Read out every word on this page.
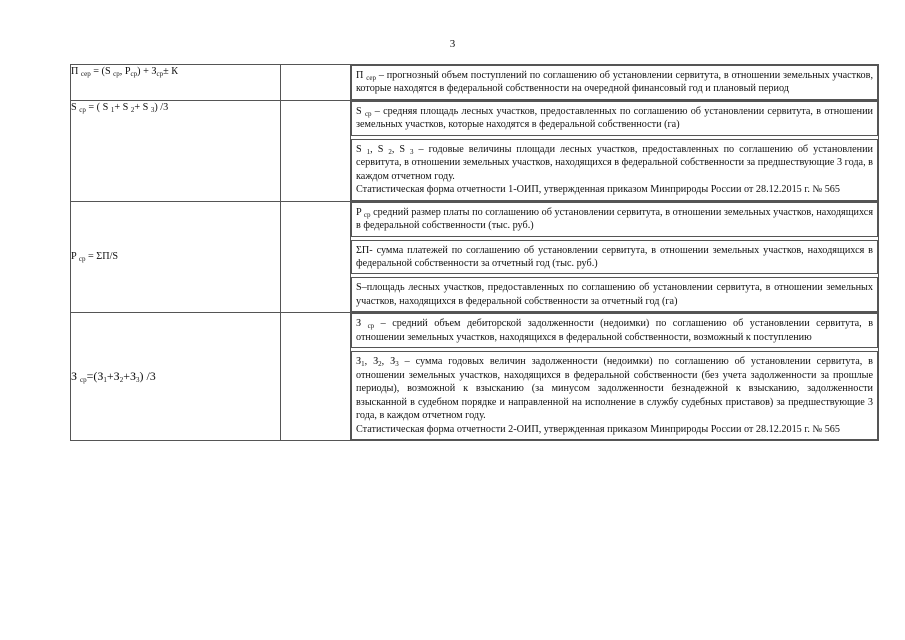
3
П $_{сер}$ = (S $_{ср}$, $P_{ср}) + З_{ср}\pm К$		П $_{сер}$ – прогнозный объем поступлений по соглашению об установлении сервитута, в отношении земельных участков, которые находятся в федеральной собственности на очередной финансовый год и плановый период

S $_{ср}$ = ( S $_1$+ S $_2$+ S $_3$) /3		S $_{ср}$ – средняя площадь лесных участков, предоставленных по соглашению об установлении сервитута, в отношении земельных участков, которые находятся в федеральной собственности (га)

S $_1$, S $_2$, S $_3$ – годовые величины площади лесных участков, предоставленных по соглашению об установлении сервитута, в отношении земельных участков, находящихся в федеральной собственности за предшествующие 3 года, в каждом отчетном году.

Статистическая форма отчетности 1-ОИП, утвержденная приказом Минприроды России от 28.12.2015 г. № 565

P $_{ср}$ = ΣП/S		P $_{ср}$ средний размер платы по соглашению об установлении сервитута, в отношении земельных участков, находящихся в федеральной собственности (тыс. руб.)

ΣП- сумма платежей по соглашению об установлении сервитута, в отношении земельных участков, находящихся в федеральной собственности за отчетный год (тыс. руб.)

S–площадь лесных участков, предоставленных по соглашению об установлении сервитута, в отношении земельных участков, находящихся в федеральной собственности за отчетный год (га)

З $_{ср}=(З_1+З_2+З_3)$ /3		З $_{ср}$ – средний объем дебиторской задолженности (недоимки) по соглашению об установлении сервитута, в отношении земельных участков, находящихся в федеральной собственности, возможный к поступлению

$З_1$, $З_2$, $З_3$ – сумма годовых величин задолженности (недоимки) по соглашению об установлении сервитута, в отношении земельных участков, находящихся в федеральной собственности (без учета задолженности за прошлые периоды), возможной к взысканию (за минусом задолженности безнадежной к взысканию, задолженности взысканной в судебном порядке и направленной на исполнение в службу судебных приставов) за предшествующие 3 года, в каждом отчетном году.

Статистическая форма отчетности 2-ОИП, утвержденная приказом Минприроды России от 28.12.2015 г. № 565
